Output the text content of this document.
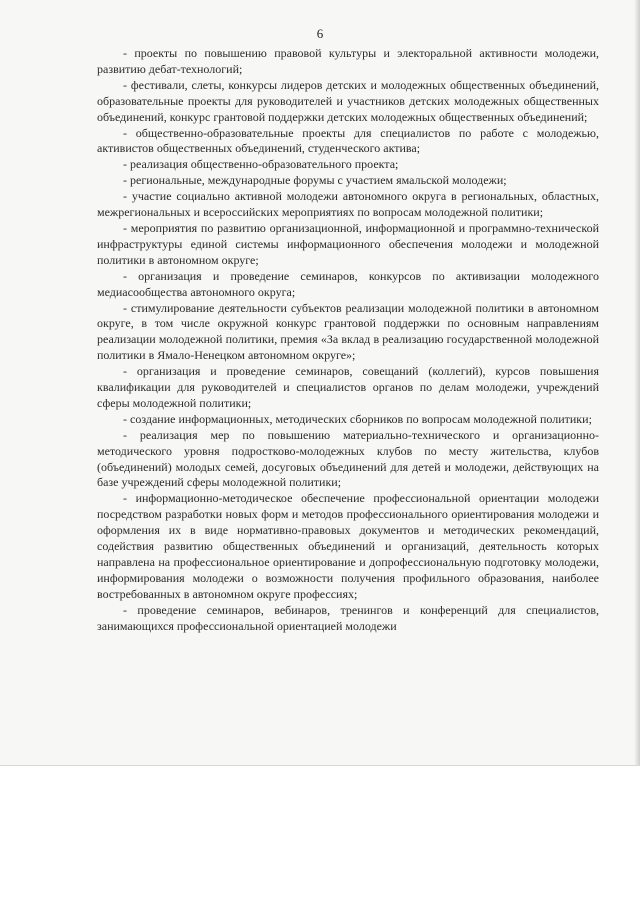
6

- проекты по повышению правовой культуры и электоральной активности молодежи, развитию дебат-технологий;

- фестивали, слеты, конкурсы лидеров детских и молодежных общественных объединений, образовательные проекты для руководителей и участников детских молодежных общественных объединений, конкурс грантовой поддержки детских молодежных общественных объединений;

- общественно-образовательные проекты для специалистов по работе с молодежью, активистов общественных объединений, студенческого актива;

- реализация общественно-образовательного проекта;

- региональные, международные форумы с участием ямальской молодежи;

- участие социально активной молодежи автономного округа в региональных, областных, межрегиональных и всероссийских мероприятиях по вопросам молодежной политики;

- мероприятия по развитию организационной, информационной и программно-технической инфраструктуры единой системы информационного обеспечения молодежи и молодежной политики в автономном округе;

- организация и проведение семинаров, конкурсов по активизации молодежного медиасообщества автономного округа;

- стимулирование деятельности субъектов реализации молодежной политики в автономном округе, в том числе окружной конкурс грантовой поддержки по основным направлениям реализации молодежной политики, премия «За вклад в реализацию государственной молодежной политики в Ямало-Ненецком автономном округе»;

- организация и проведение семинаров, совещаний (коллегий), курсов повышения квалификации для руководителей и специалистов органов по делам молодежи, учреждений сферы молодежной политики;

- создание информационных, методических сборников по вопросам молодежной политики;

- реализация мер по повышению материально-технического и организационно-методического уровня подростково-молодежных клубов по месту жительства, клубов (объединений) молодых семей, досуговых объединений для детей и молодежи, действующих на базе учреждений сферы молодежной политики;

- информационно-методическое обеспечение профессиональной ориентации молодежи посредством разработки новых форм и методов профессионального ориентирования молодежи и оформления их в виде нормативно-правовых документов и методических рекомендаций, содействия развитию общественных объединений и организаций, деятельность которых направлена на профессиональное ориентирование и допрофессиональную подготовку молодежи, информирования молодежи о возможности получения профильного образования, наиболее востребованных в автономном округе профессиях;

- проведение семинаров, вебинаров, тренингов и конференций для специалистов, занимающихся профессиональной ориентацией молодежи
